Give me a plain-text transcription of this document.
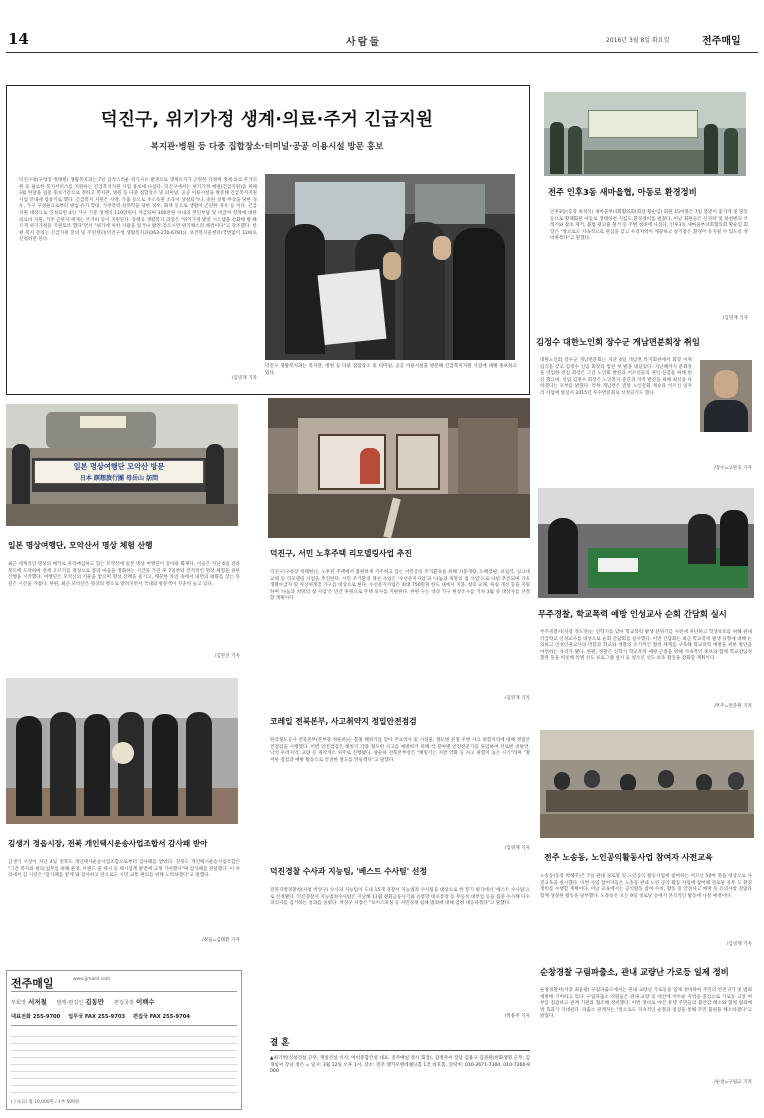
14	사람들	2016년 3월 8일 화요일	전주매일
덕진구, 위기가정 생계·의료·주거 긴급지원
복지관·병원 등 다중 집합장소·터미널·공공 이용시설 방문 홍보
덕진구청(구청장 정태현) 생활복지과는 7일 갑작스러운 위기사유 발생으로 생계유지가 곤란한 가정에 생계·의료·주거지원 등 필요한 복지서비스를 지원하는 긴급복지지원 사업 홍보에 나섰다. 덕진구에서는 위기가정 예방(긴급지원)을 위해 3월 한달을 집중 홍보기간으로 정하고 복지관, 병원 등 다중 집합장소 및 터미널, 공공 이용시설을 방문해 긴급복지지원 사업 안내에 집중키로 했다. 긴급복지 지원은 사망, 가출 등으로 주소득원 소득이 상실되거나, 중한 질병·부상을 당한 경우, 가구 구성원으로부터 방임·유기·학대, 가정폭력·성폭력을 당한 경우, 화재 등으로 생활이 곤란한 경우 등 이다. 긴급지원 대상으로 인정되면 4인 가구 기준 생계비 110만원이 지급되며 300만원 이내의 본인부담 및 비급여 항목에 대한 의료비 지원, 거주 곤란자 에게는 주거비 등이 지원된다. 송태욱 생활복지 과장은 "위기가정 발굴 시스템을 강화해 발 빠르게 위기가정을 지원토록 했다"면서 "위기에 처한 사람을 알거나 발견 찾으시면 위기해소의 해결이다"고 강조했다. 한편 복지 문의는 긴급지원 문의 및 주민센터(덕진구청 생활복지과(063-270-6781)), 보건복지콜센터(국번없이 129)로 신청하면 된다.
/김영재 기자
덕진구 생활복지과는 복지관, 병원 등 다중 집합장소 및 터미널, 공공 이용시설을 방문해 긴급복지지원 사업에 대해 홍보하고 있다.
전주 인후3동 새마을협, 아동로 환경정비
인후3동(동장 최성식) 새마을부녀회협의회(회장 황순임) 회원 15여명은 7일 봄맞이 꽃가게 및 땅등 등으로 황폐화된 아동로 생태하천 지킴도 환경정비를 펼쳤다. 이날 회원들은 산자락 및 하천변의 쓰레기와 잡초 제거, 불법 광고물 철거 등 주변 정비에 나섰다. 인후3동 새마을부녀회협의회 황순임 회장은 "앞으로도 지속적으로 관심을 갖고 우리지역이 깨끗하고 살기좋은 환경이 유지될 수 있도록 정비하겠다"고 말했다.
/김영재 기자
김정수 대한노인회 장수군 게남면분회장 취임
대한노인회 장수군 게남면분회는 지난 4일 게남면 복지회관에서 회장 이취임식을 갖고 김정수 신임 회장의 힘찬 첫 발을 내딛었다. 지난해까지 분회장을 역임한 전임 회장은 그간 노인회 발전과 어르신들의 권익 신장을 위해 헌신 했으며, 신임 김정수 회장은 노인복지 증진과 지역 발전을 위해 최선을 다하겠다는 포부를 밝혔다. 특히 게남면은 전통 노인문화 계승과 어르신 일자리 사업에 앞장서 2015년 우수면분회로 선정되기도 했다.
/장수=고완호 기자
무주경찰, 학교폭력 예방 인성교사 순회 간담회 실시
무주경찰서(서장 정도연)는 신학기를 맞아 학교폭력 발생 분위기를 사전에 차단하고 학생보호를 위해 관내 각급학교 인성교사를 대상으로 순회 간담회를 실시했다. 이번 간담회는 최근 학교폭력 발생 유형에 대해 논의하고 인성인권교사의 역할과 학교와 경찰의 유기적인 협력 체계를 구축해 학교폭력 예방을 위한 방안을 마련하는 자리가 됐다. 한편, 경찰은 신학기 학교폭력 예방·근절을 위해 지속적인 홍보와 함께 학교전담경찰관 등을 비롯해 특별 선도 프로그램 실시 등 청소년 선도·보호 활동을 강화할 계획이다.
/무주=전준원 기자
전주 노송동, 노인공익활동사업 참여자 사전교육
노송동(동장 박해주)은 7일 관내 경로당 및 노인공익 활동사업에 참여하는 어르신 50여 명을 대상으로 사전교육을 실시했다. 이번 사업 참여자들은 노송동 관내 노인 공익 활동 사업에 참여해 경로당 유무 도 환경정비를 수행할 계획이다. 이날 교육에서는 공익활동 참여 수칙, 활동 중 안전사고 예방 등 유의사항 전달과 함께 성실한 활동을 당부했다. 노송동은 오는 9일 경로당 등에서 본격적인 활동에 나설 예정이다.
/김영재 기자
순창경찰 구림파출소, 관내 교량난 가로등 일제 정비
순창경찰서(서장 최윤광) 구림파출소에서는 관내 교량난 가로등을 일제 정비하여 주민의 안전귀가 및 범죄예방에 기여하고 있다. 구림파출소 직원들은 관내 교량 및 야간에 어두운 지역을 중심으로 가로등 고장 여부를 점검하고 관계 기관과 협조해 정비했다. 이번 정비로 야간 통행 주민들의 불안감 해소와 함께 범죄예방 효과가 기대된다. 파출소 관계자는 "앞으로도 지속적인 순찰과 점검을 통해 주민 불편을 해소하겠다"고 밝혔다.
/순창=구림교 기자
일본 명상여행단 모악산 방문
日本 瞑想旅行團 母岳山 訪問
일본 명상여행단, 모악산서 명상 체험 산행
최근 세계적인 명상의 메카로 자리매김하고 있는 모악산에 일본 명상 여행단이 찾아와 화제다. 이들은 지난 6일 전라북도에 도착하여 전세 오르기를 명상으로 몸과 마음을 정화하는 시간을 가진 후 7일부터 본격적인 명상 체험을 위한 산행을 시작했다. 여행단은 모악산의 기운을 받으며 명상 산책을 즐기고, 깨끗한 자연 속에서 내면의 평화를 찾는 뜻깊은 시간을 가졌다. 한편, 최근 모악산은 명상의 명소로 알려지면서 국내외 방문객이 꾸준히 늘고 있다.
/김완진 기자
김생기 정읍시장, 전북 개인택시운송사업조합서 감사패 받아
김생기 시장이 지난 4일 전북도 개인택시운송사업조합으로부터 감사패를 받았다. 전북도 개인택시운송사업조합은 "그간 복지와 편의·업무를 위해 운영, 브랜드 콜 택시 등 택시업계 발전에 크게 기여했다"며 감사패를 전달했다. 이 자리에서 김 시장은 "감사패를 받게 돼 감사하고 앞으로도 시민 교통 편의를 위해 노력하겠다"고 말했다.
/정읍=김태환 기자
전주매일	www.jjmaeil.com
부회장 서저철 발행·편집인 김동만 편집국장 이백수
대표전화 255-9700 업무국 FAX 255-9703 편집국 FAX 255-9704
(구독료) 월 10,000원 / 1부 500원
덕진구, 서민 노후주택 리모델링사업 추진
덕진구(구청장 정태현)는 노후된 주택에서 불편하게 거주하고 있는 서민층의 주거환경을 위해 지붕개량, 도배장판, 보일러, 싱크대교체 등 리모델링 사업을 추진한다. 시민 주거환경 개선 사업은 '수선유지사업'과 '나눔과 희망의 집 사업'으로 나눠 추진되며 기초생활수급자 및 차상위계층 가구를 대상으로 한다. 수선유지사업은 최대 750만원 한도 내에서 지붕, 창호 교체, 욕실 개선 등을 지원하며 '나눔과 희망의 집 사업'은 민간 후원으로 주택 보수를 지원한다. 한편 구는 대상 가구 현장조사를 거쳐 3월 중 대상자를 선정할 계획이다.
/김영재 기자
코레일 전북본부, 사고취약지 정밀안전점검
한국철도공사 전북본부(본부장 정운하)는 봄철 해빙기를 맞아 주요역사 및 시설물, 철도변 전철 주변 사고 위험지역에 대해 정밀안전점검을 시행했다. 이번 안전점검은 해빙기 각종 철도변 사고를 예방하기 위해 각 분야별 안전전문가를 투입하여 선로변 비탈면, 낙석 우려지역, 교량 등 취약개소 위주로 진행됐다. 양운하 전북본부장은 "해빙기는 지반 약화 등 사고 위험이 높은 시기"라며 "철저한 점검과 예방 활동으로 안전한 철도를 만들겠다"고 말했다.
/김영재 기자
덕진경찰 수사과 지능팀, '베스트 수사팀' 선정
전북지방경찰청(지청 박상구) 수사과 지능팀이 도내 15개 경찰서 지능범죄 수사팀을 대상으로 한 분기 평가에서 '베스트 수사팀'으로 선정됐다. 덕진경찰서 지능범죄수사팀은 지난해 11월 전화금융사기와 유통망 대포통장 등 무등록 대부업 등을 집중 수사해 다수 피의자를 검거하는 성과를 올렸다. 박상구 서장은 "보이스피싱 등 서민경제 침해 범죄에 대해 엄정 대응하겠다"고 말했다.
/박용주 기자
결 혼
▲최기번(신성건설 근무, 재일건설 이사, 여비중합건설 대표, 전주매일 정사 회장), 김정자씨 장남 김용구·김경원(한화생명 근무, 김경일씨 장녀 정은 = 일시: 3월 12일 오후 1시, 장소: 전주 엘카모멘데웨딩홀 1층 비호홀, 연락처: 010-3671-7300, 010-7260-9000
